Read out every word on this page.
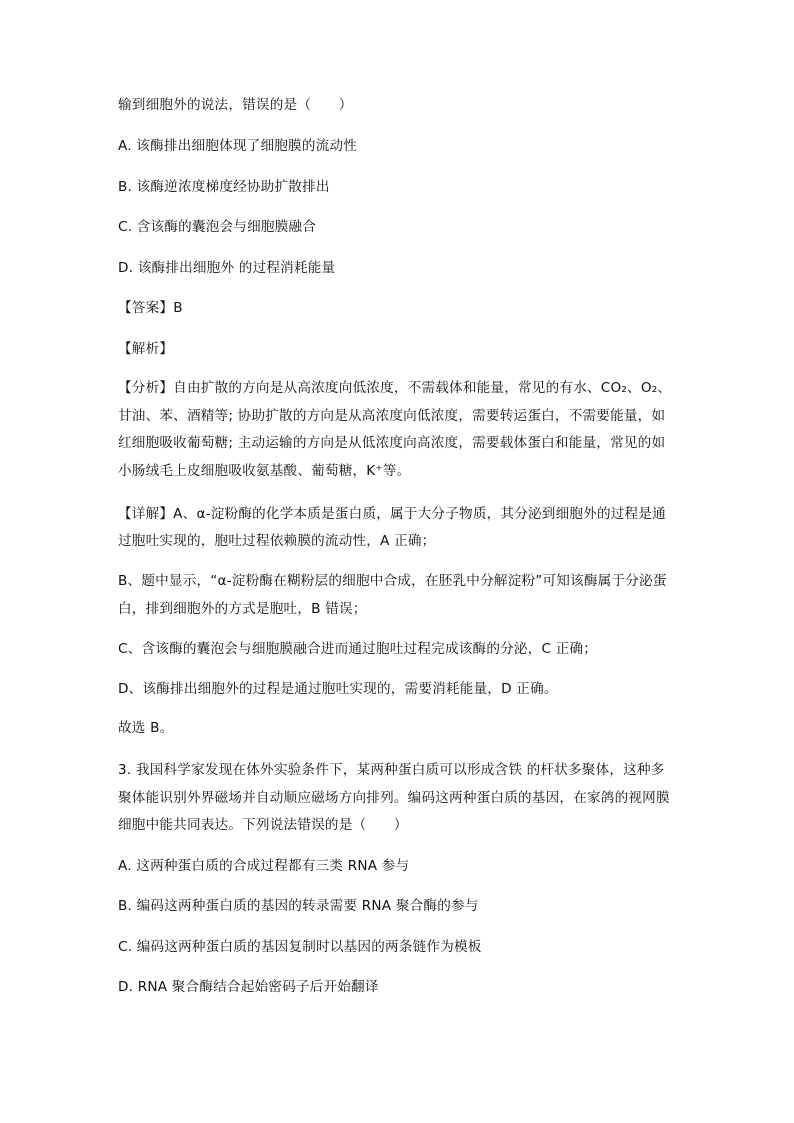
输到细胞外的说法，错误的是（　　）
A. 该酶排出细胞体现了细胞膜的流动性
B. 该酶逆浓度梯度经协助扩散排出
C. 含该酶的囊泡会与细胞膜融合
D. 该酶排出细胞外 的过程消耗能量
【答案】B
【解析】
【分析】自由扩散的方向是从高浓度向低浓度，不需载体和能量，常见的有水、CO₂、O₂、
甘油、苯、酒精等; 协助扩散的方向是从高浓度向低浓度，需要转运蛋白，不需要能量，如
红细胞吸收葡萄糖; 主动运输的方向是从低浓度向高浓度，需要载体蛋白和能量，常见的如
小肠绒毛上皮细胞吸收氨基酸、葡萄糖，K⁺等。
【详解】A、α-淀粉酶的化学本质是蛋白质，属于大分子物质，其分泌到细胞外的过程是通
过胞吐实现的，胞吐过程依赖膜的流动性，A 正确；
B、题中显示，“α-淀粉酶在糊粉层的细胞中合成，在胚乳中分解淀粉”可知该酶属于分泌蛋
白，排到细胞外的方式是胞吐，B 错误；
C、含该酶的囊泡会与细胞膜融合进而通过胞吐过程完成该酶的分泌，C 正确；
D、该酶排出细胞外的过程是通过胞吐实现的，需要消耗能量，D 正确。
故选 B。
3. 我国科学家发现在体外实验条件下，某两种蛋白质可以形成含铁 的杆状多聚体，这种多
聚体能识别外界磁场并自动顺应磁场方向排列。编码这两种蛋白质的基因，在家鸽的视网膜
细胞中能共同表达。下列说法错误的是（　　）
A. 这两种蛋白质的合成过程都有三类 RNA 参与
B. 编码这两种蛋白质的基因的转录需要 RNA 聚合酶的参与
C. 编码这两种蛋白质的基因复制时以基因的两条链作为模板
D. RNA 聚合酶结合起始密码子后开始翻译
